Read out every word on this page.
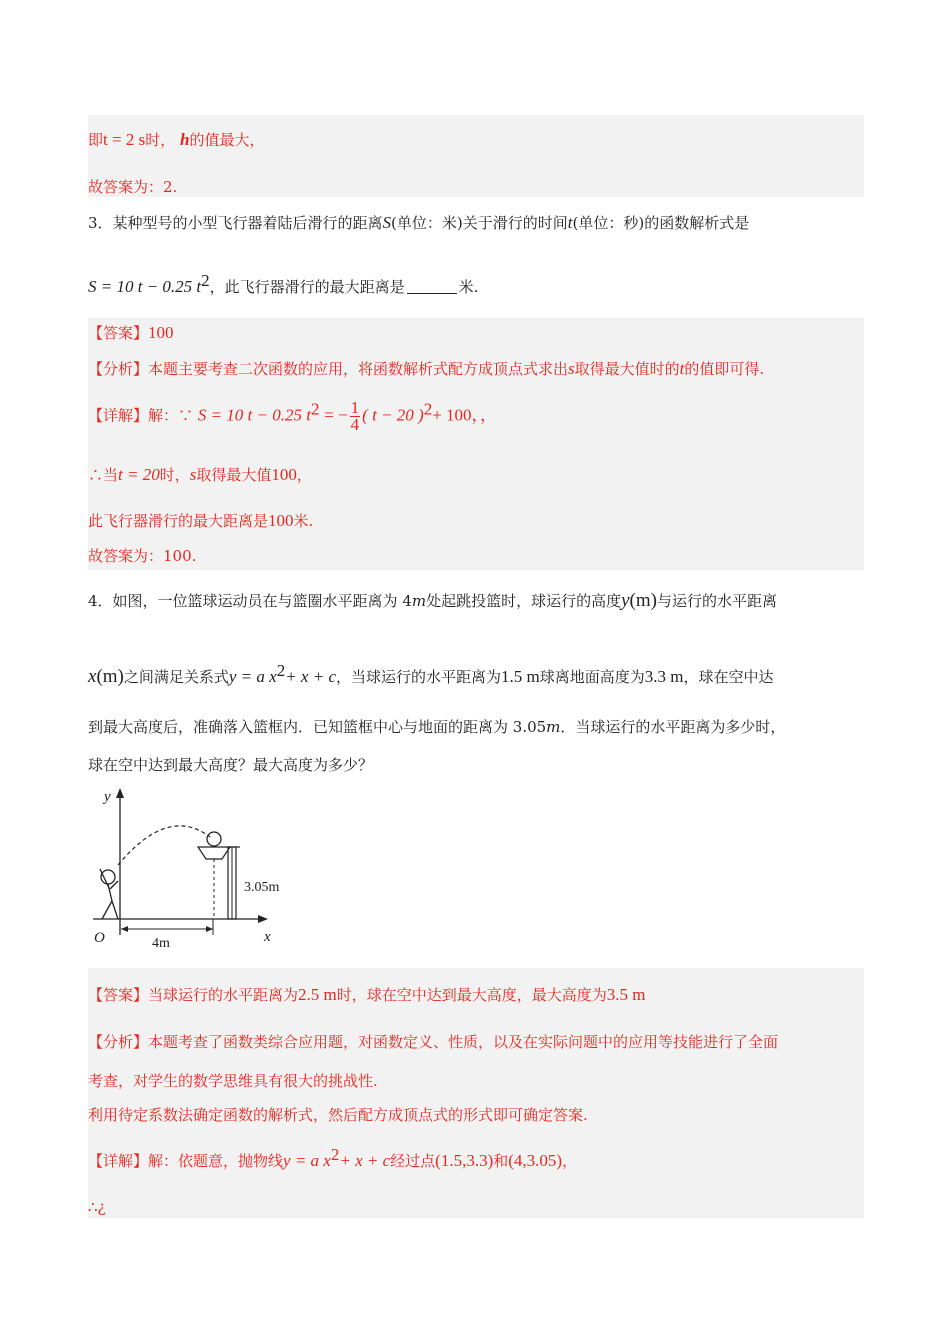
即t = 2 s时， h的值最大，
故答案为：2.
3．某种型号的小型飞行器着陆后滑行的距离S(单位：米)关于滑行的时间t(单位：秒)的函数解析式是
S = 10 t − 0.25 $t^2$，此飞行器滑行的最大距离是	米.
【答案】100
【分析】本题主要考查二次函数的应用，将函数解析式配方成顶点式求出s取得最大值时的t的值即可得.
【详解】解：∵ S = 10 t − 0.25 $t^2$ = − $\frac{1}{4}$ ( t − 20 )$^2$+ 100，，
∴当t = 20时，s取得最大值100，
此飞行器滑行的最大距离是100米.
故答案为：100.
4．如图，一位篮球运动员在与篮圈水平距离为 4m处起跳投篮时，球运行的高度y(m)与运行的水平距离
x(m)之间满足关系式y = a $x^2+ x + c$，当球运行的水平距离为1.5 m球离地面高度为3.3 m，球在空中达
到最大高度后，准确落入篮框内．已知篮框中心与地面的距离为 3.05m．当球运行的水平距离为多少时，
球在空中达到最大高度？最大高度为多少？
y
x
O
3.05m
4m
【答案】当球运行的水平距离为2.5 m时，球在空中达到最大高度，最大高度为3.5 m
【分析】本题考查了函数类综合应用题，对函数定义、性质，以及在实际问题中的应用等技能进行了全面
考查，对学生的数学思维具有很大的挑战性.
利用待定系数法确定函数的解析式，然后配方成顶点式的形式即可确定答案.
【详解】解：依题意，抛物线y = a $x^2+ x + c$经过点(1.5,3.3)和(4,3.05)，
∴¿
